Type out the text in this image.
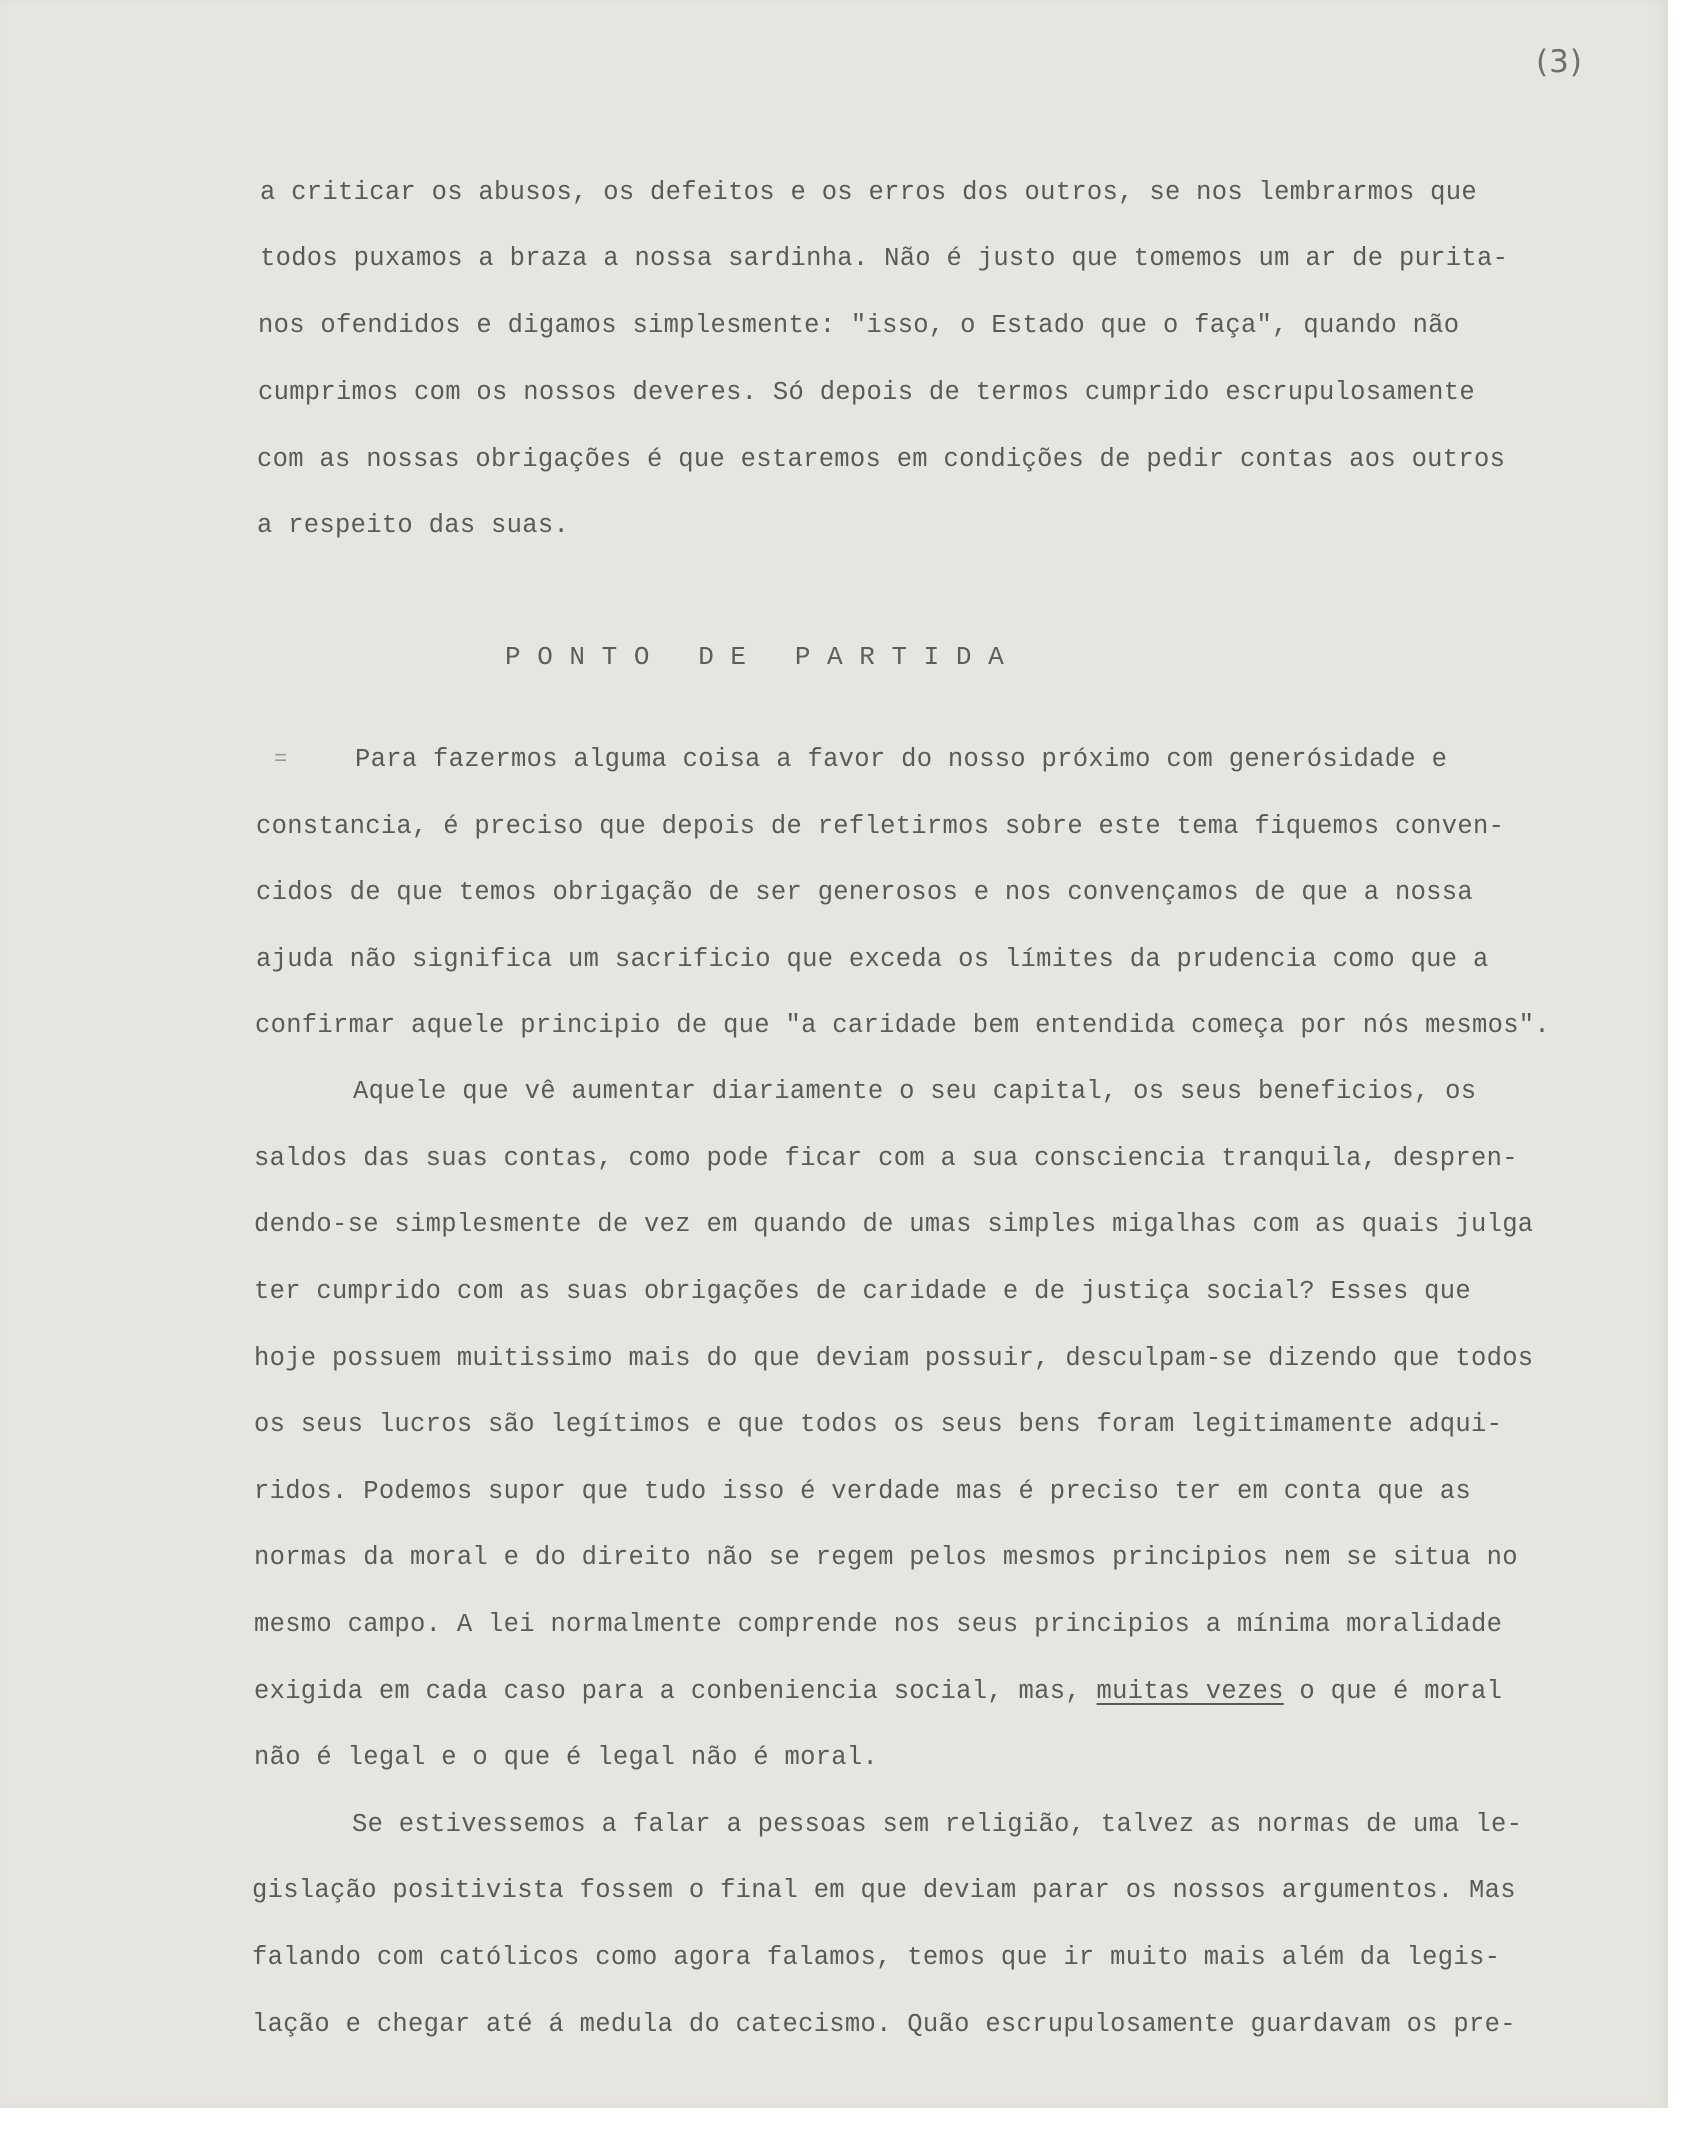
(3)
a criticar os abusos, os defeitos e os erros dos outros, se nos lembrarmos que
todos puxamos a braza a nossa sardinha. Não é justo que tomemos um ar de purita-
nos ofendidos e digamos simplesmente: "isso, o Estado que o faça", quando não
cumprimos com os nossos deveres. Só depois de termos cumprido escrupulosamente
com as nossas obrigações é que estaremos em condições de pedir contas aos outros
a respeito das suas.
P O N T O   D E   P A R T I D A
=	Para fazermos alguma coisa a favor do nosso próximo com generósidade e
constancia, é preciso que depois de refletirmos sobre este tema fiquemos conven-
cidos de que temos obrigação de ser generosos e nos convençamos de que a nossa
ajuda não significa um sacrificio que exceda os límites da prudencia como que a
confirmar aquele principio de que "a caridade bem entendida começa por nós mesmos".
Aquele que vê aumentar diariamente o seu capital, os seus beneficios, os
saldos das suas contas, como pode ficar com a sua consciencia tranquila, despren-
dendo-se simplesmente de vez em quando de umas simples migalhas com as quais julga
ter cumprido com as suas obrigações de caridade e de justiça social? Esses que
hoje possuem muitissimo mais do que deviam possuir, desculpam-se dizendo que todos
os seus lucros são legítimos e que todos os seus bens foram legitimamente adqui-
ridos. Podemos supor que tudo isso é verdade mas é preciso ter em conta que as
normas da moral e do direito não se regem pelos mesmos principios nem se situa no
mesmo campo. A lei normalmente comprende nos seus principios a mínima moralidade
exigida em cada caso para a conbeniencia social, mas, muitas vezes o que é moral
não é legal e o que é legal não é moral.
Se estivessemos a falar a pessoas sem religião, talvez as normas de uma le-
gislação positivista fossem o final em que deviam parar os nossos argumentos. Mas
falando com católicos como agora falamos, temos que ir muito mais além da legis-
lação e chegar até á medula do catecismo. Quão escrupulosamente guardavam os pre-
